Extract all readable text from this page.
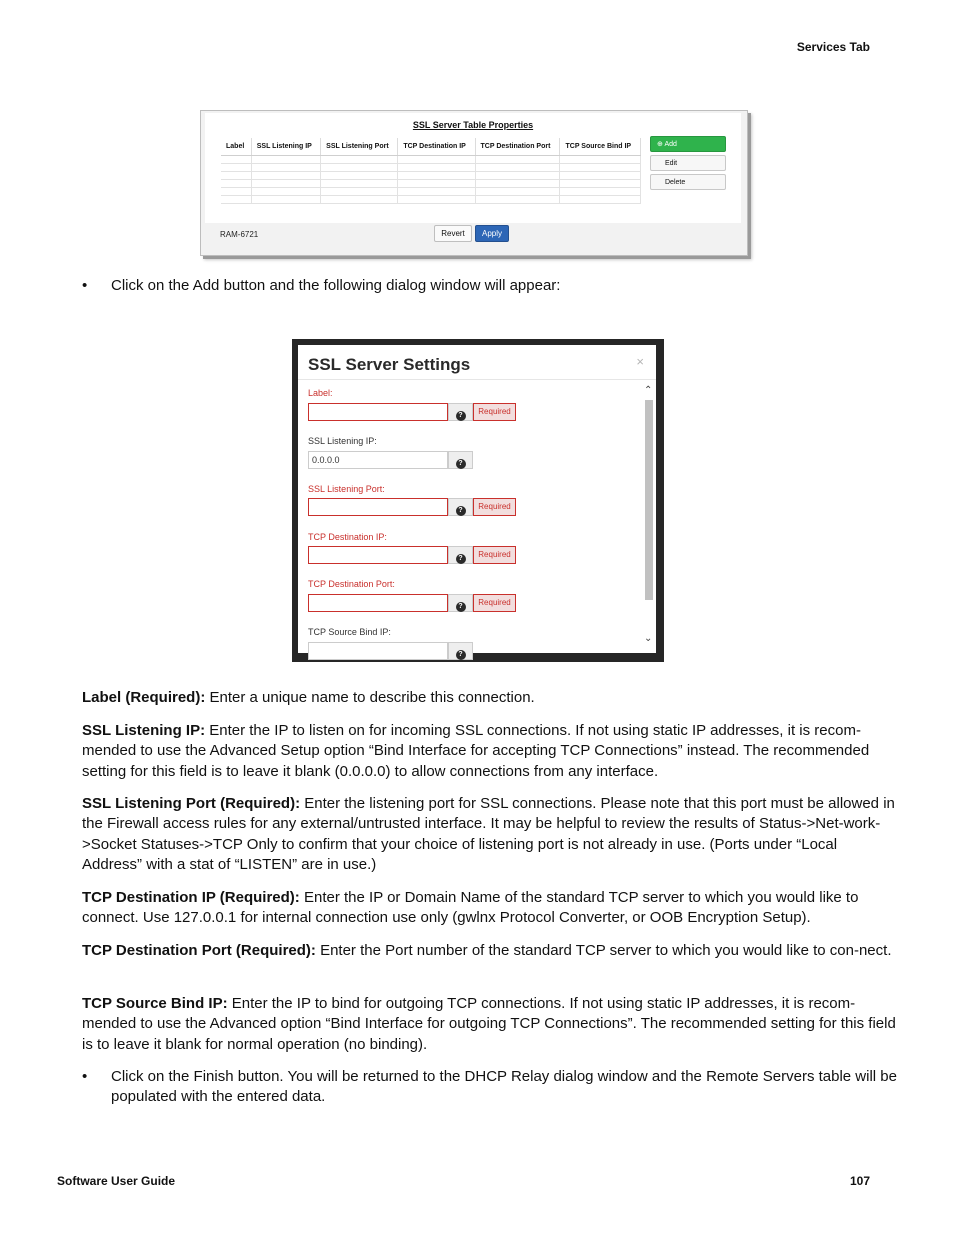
Services Tab
SSL Server Table Properties
Label	SSL Listening IP	SSL Listening Port	TCP Destination IP	TCP Destination Port	TCP Source Bind IP

						⊕ Add
Edit
Delete
RAM-6721	Revert	Apply
• Click on the Add button and the following dialog window will appear:
SSL Server Settings	×
Label:
?	Required
SSL Listening IP:
0.0.0.0	?
SSL Listening Port:
?	Required
TCP Destination IP:
?	Required
TCP Destination Port:
?	Required
TCP Source Bind IP:
?
⌃
⌄
Label (Required): Enter a unique name to describe this connection.
SSL Listening IP: Enter the IP to listen on for incoming SSL connections. If not using static IP addresses, it is recom-mended to use the Advanced Setup option “Bind Interface for accepting TCP Connections” instead. The recommended setting for this field is to leave it blank (0.0.0.0) to allow connections from any interface.
SSL Listening Port (Required): Enter the listening port for SSL connections. Please note that this port must be allowed in the Firewall access rules for any external/untrusted interface. It may be helpful to review the results of Status->Net-work->Socket Statuses->TCP Only to confirm that your choice of listening port is not already in use. (Ports under “Local Address” with a stat of “LISTEN” are in use.)
TCP Destination IP (Required): Enter the IP or Domain Name of the standard TCP server to which you would like to connect. Use 127.0.0.1 for internal connection use only (gwlnx Protocol Converter, or OOB Encryption Setup).
TCP Destination Port (Required): Enter the Port number of the standard TCP server to which you would like to con-nect.
TCP Source Bind IP: Enter the IP to bind for outgoing TCP connections. If not using static IP addresses, it is recom-mended to use the Advanced option “Bind Interface for outgoing TCP Connections”. The recommended setting for this field is to leave it blank for normal operation (no binding).
• Click on the Finish button. You will be returned to the DHCP Relay dialog window and the Remote Servers table will be populated with the entered data.
Software User Guide	107
